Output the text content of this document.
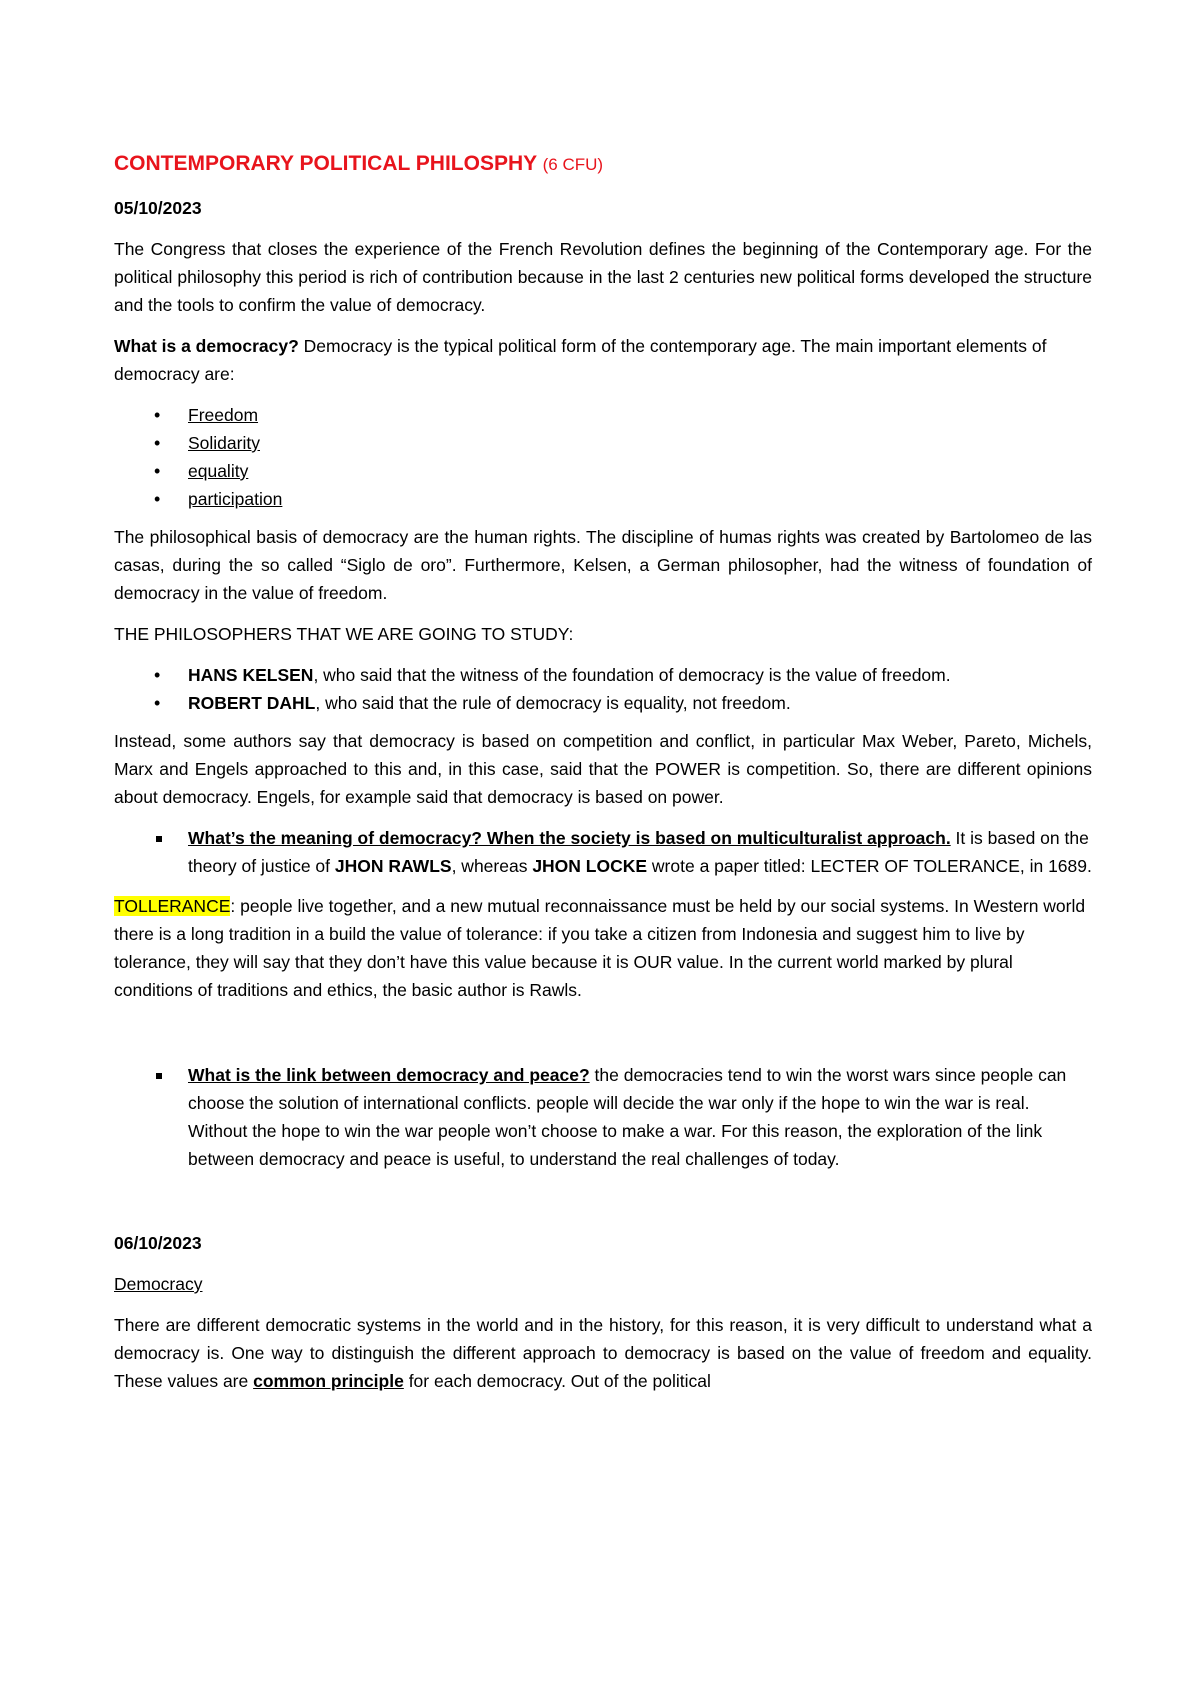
CONTEMPORARY POLITICAL PHILOSPHY (6 CFU)
05/10/2023

The Congress that closes the experience of the French Revolution defines the beginning of the Contemporary age. For the political philosophy this period is rich of contribution because in the last 2 centuries new political forms developed the structure and the tools to confirm the value of democracy.

What is a democracy? Democracy is the typical political form of the contemporary age. The main important elements of democracy are:

• Freedom
• Solidarity
• equality
• participation

The philosophical basis of democracy are the human rights. The discipline of humas rights was created by Bartolomeo de las casas, during the so called “Siglo de oro”. Furthermore, Kelsen, a German philosopher, had the witness of foundation of democracy in the value of freedom.

THE PHILOSOPHERS THAT WE ARE GOING TO STUDY:

• HANS KELSEN, who said that the witness of the foundation of democracy is the value of freedom.
• ROBERT DAHL, who said that the rule of democracy is equality, not freedom.

Instead, some authors say that democracy is based on competition and conflict, in particular Max Weber, Pareto, Michels, Marx and Engels approached to this and, in this case, said that the POWER is competition. So, there are different opinions about democracy. Engels, for example said that democracy is based on power.

What’s the meaning of democracy? When the society is based on multiculturalist approach. It is based on the theory of justice of JHON RAWLS, whereas JHON LOCKE wrote a paper titled: LECTER OF TOLERANCE, in 1689.

TOLLERANCE: people live together, and a new mutual reconnaissance must be held by our social systems. In Western world there is a long tradition in a build the value of tolerance: if you take a citizen from Indonesia and suggest him to live by tolerance, they will say that they don’t have this value because it is OUR value. In the current world marked by plural conditions of traditions and ethics, the basic author is Rawls.

What is the link between democracy and peace? the democracies tend to win the worst wars since people can choose the solution of international conflicts. people will decide the war only if the hope to win the war is real. Without the hope to win the war people won’t choose to make a war. For this reason, the exploration of the link between democracy and peace is useful, to understand the real challenges of today.
06/10/2023

Democracy

There are different democratic systems in the world and in the history, for this reason, it is very difficult to understand what a democracy is. One way to distinguish the different approach to democracy is based on the value of freedom and equality. These values are common principle for each democracy. Out of the political
